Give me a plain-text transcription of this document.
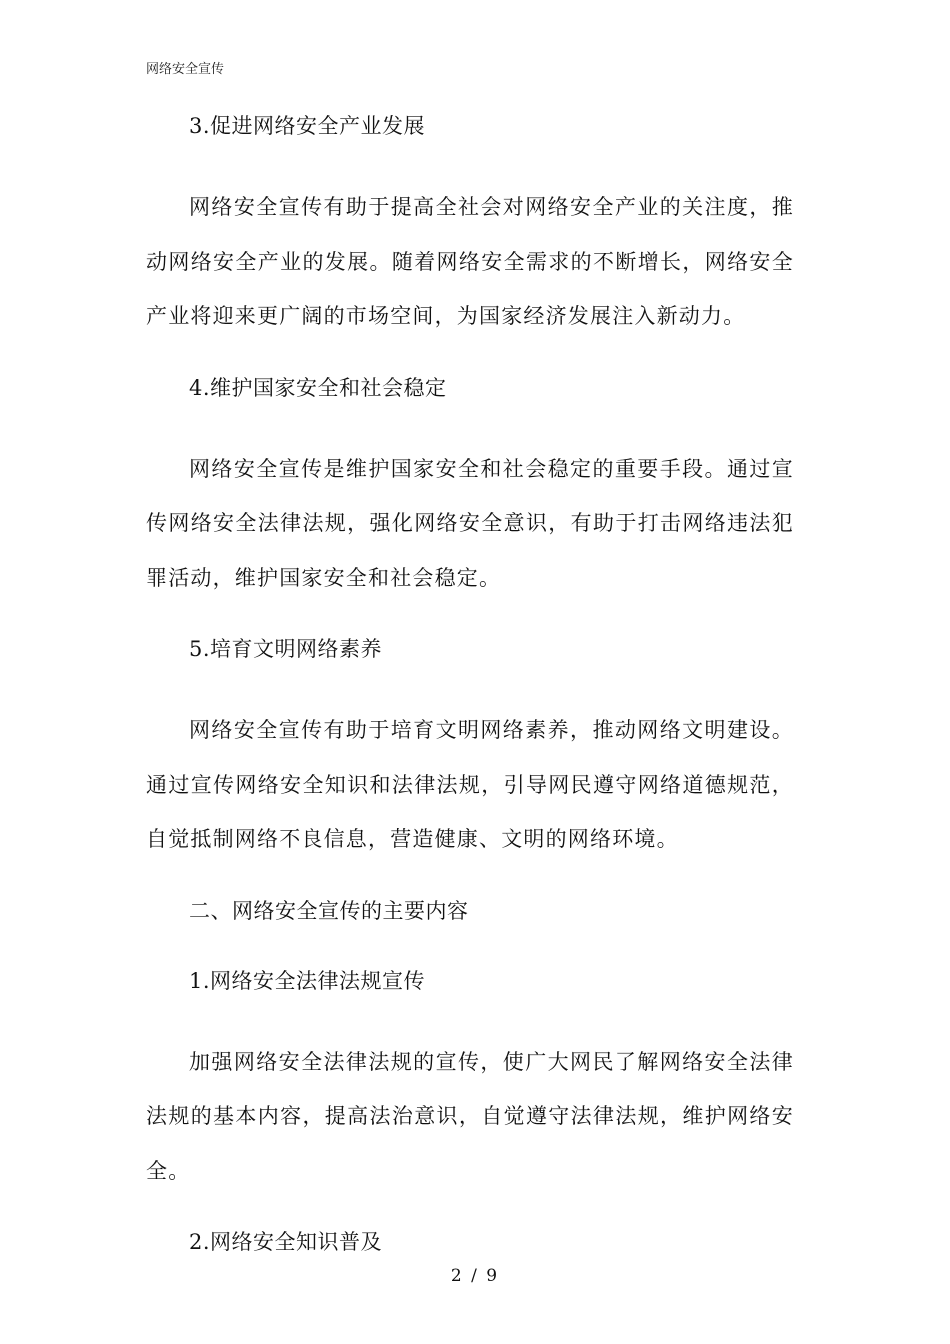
网络安全宣传

3.促进网络安全产业发展

网络安全宣传有助于提高全社会对网络安全产业的关注度，推动网络安全产业的发展。随着网络安全需求的不断增长，网络安全产业将迎来更广阔的市场空间，为国家经济发展注入新动力。

4.维护国家安全和社会稳定

网络安全宣传是维护国家安全和社会稳定的重要手段。通过宣传网络安全法律法规，强化网络安全意识，有助于打击网络违法犯罪活动，维护国家安全和社会稳定。

5.培育文明网络素养

网络安全宣传有助于培育文明网络素养，推动网络文明建设。通过宣传网络安全知识和法律法规，引导网民遵守网络道德规范，自觉抵制网络不良信息，营造健康、文明的网络环境。

二、网络安全宣传的主要内容

1.网络安全法律法规宣传

加强网络安全法律法规的宣传，使广大网民了解网络安全法律法规的基本内容，提高法治意识，自觉遵守法律法规，维护网络安全。

2.网络安全知识普及

2 / 9
